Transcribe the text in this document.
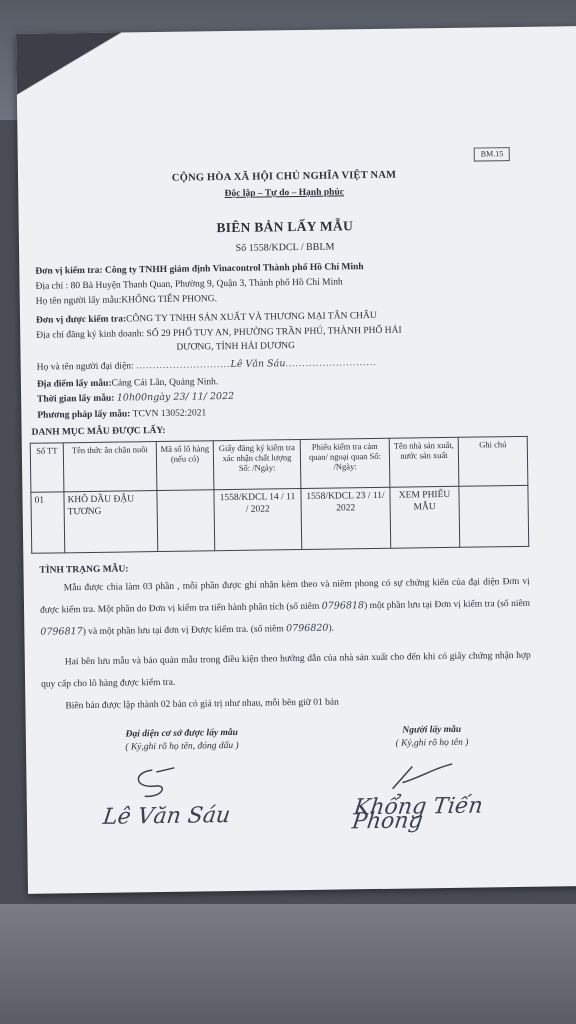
BM.15
CỘNG HÒA XÃ HỘI CHỦ NGHĨA VIỆT NAM
Độc lập – Tự do – Hạnh phúc
BIÊN BẢN LẤY MẪU
Số 1558/KDCL / BBLM
Đơn vị kiểm tra: Công ty TNHH giám định Vinacontrol Thành phố Hồ Chí Minh
Địa chỉ : 80 Bà Huyện Thanh Quan, Phường 9, Quận 3, Thành phố Hồ Chí Minh
Họ tên người lấy mẫu:KHỔNG TIẾN PHONG.
Đơn vị được kiểm tra:CÔNG TY TNHH SẢN XUẤT VÀ THƯƠNG MẠI TÂN CHÂU
Địa chỉ đăng ký kinh doanh: SỐ 29 PHỐ TUY AN, PHƯỜNG TRẦN PHÚ, THÀNH PHỐ HẢI
DƯƠNG, TỈNH HẢI DƯƠNG
Họ và tên người đại diện: ............................Lê Văn Sáu...........................
Địa điểm lấy mẫu:Cảng Cái Lân, Quảng Ninh.
Thời gian lấy mẫu: 10h00ngày 23/ 11/ 2022
Phương pháp lấy mẫu: TCVN 13052:2021
DANH MỤC MẪU ĐƯỢC LẤY:
Số TT	Tên thức ăn chăn nuôi	Mã số lô hàng (nếu có)	Giấy đăng ký kiểm tra xác nhận chất lượng Số: /Ngày:	Phiếu kiểm tra cảm quan/ ngoại quan Số: /Ngày:	Tên nhà sản xuất, nước sản xuất	Ghi chú
01	KHÔ DẦU ĐẬU TƯƠNG		1558/KDCL 14 / 11 / 2022	1558/KDCL 23 / 11/ 2022	XEM PHIẾU MẪU	
TÌNH TRẠNG MẪU:
Mẫu được chia làm 03 phần , mỗi phần được ghi nhãn kèm theo và niêm phong có sự chứng kiến của đại diện Đơn vị được kiểm tra. Một phần do Đơn vị kiểm tra tiến hành phân tích (số niêm 0796818) một phần lưu tại Đơn vị kiểm tra (số niêm 0796817) và một phần lưu tại đơn vị Được kiểm tra. (số niêm 0796820).
Hai bên lưu mẫu và bảo quản mẫu trong điều kiện theo hướng dẫn của nhà sản xuất cho đến khi có giấy chứng nhận hợp quy cấp cho lô hàng được kiểm tra.
Biên bản được lập thành 02 bản có giá trị như nhau, mỗi bên giữ 01 bản
Đại diện cơ sở được lấy mẫu
( Ký,ghi rõ họ tên, đóng dấu )
Người lấy mẫu
( Ký,ghi rõ họ tên )
Lê Văn Sáu	Khổng Tiến Phong
